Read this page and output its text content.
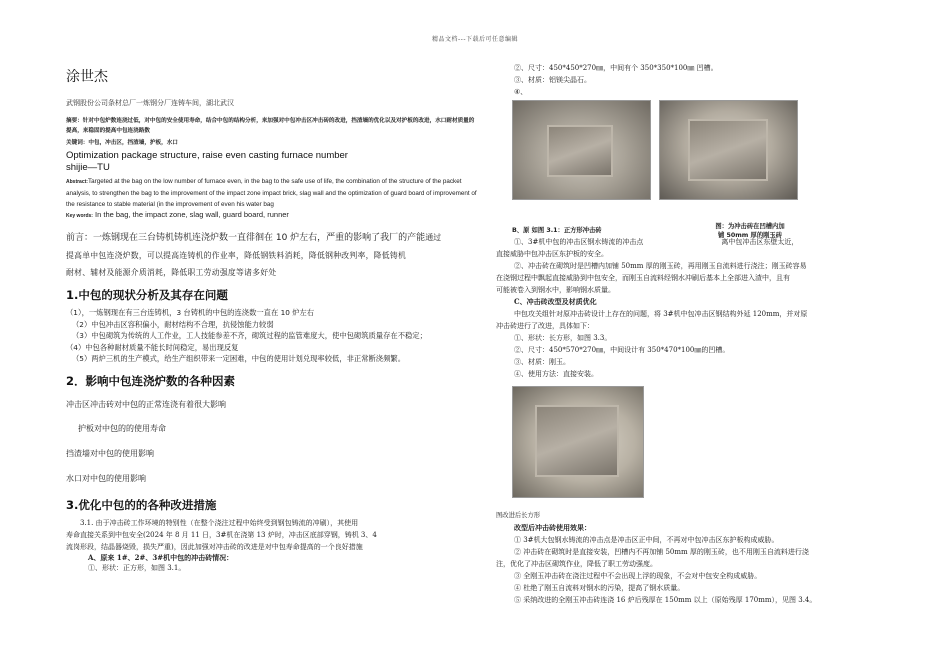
精品文档---下载后可任意编辑
涂世杰

武钢股份公司条材总厂一炼钢分厂连铸车间，湖北武汉

摘要：针对中包炉数连浇过低，对中包的安全使用寿命，结合中包的结构分析，来加强对中包冲击区冲击砖的改进，挡渣墙的优化以及对护板的改进，水口耐材质量的提高，来稳固的提高中包连浇路数

关键词：中包，冲击区，挡渣墙，护板，水口

Optimization package structure, raise even casting furnace number
shijie—TU

Abstract:Targeted at the bag on the low number of furnace even, in the bag to the safe use of life, the combination of the structure of the packet analysis, to strengthen the bag to the improvement of the impact zone impact brick, slag wall and the optimization of guard board of improvement of the resistance to stable material (in the improvement of even his water bag

Key words: In the bag, the impact zone, slag wall, guard board, runner

前言：一炼钢现在三台铸机铸机连浇炉数一直徘徊在 10 炉左右，严重的影响了我厂的产能通过

提高单中包连浇炉数，可以提高连铸机的作业率，降低钢铁料消耗，降低钢种改判率，降低铸机

耐材、辅材及能源介质消耗，降低职工劳动强度等诸多好处

1.中包的现状分析及其存在问题

（1），一炼钢现在有三台连铸机，3 台铸机的中包的连浇数一直在 10 炉左右

（2）中包冲击区容积偏小，耐材结构不合理，抗侵蚀能力较弱

（3）中包砌筑为传统的人工作业，工人技能参差不齐，砌筑过程的监管难度大，使中包砌筑质量存在不稳定；

（4）中包各种耐材质量不能长时间稳定，易出现反复

（5）两炉三机的生产模式，给生产组织带来一定困难，中包的使用计划兑现率较低，非正常断浇频繁。

2．影响中包连浇炉数的各种因素

冲击区冲击砖对中包的正常连浇有着很大影响

护板对中包的的使用寿命

挡渣墙对中包的使用影响

水口对中包的使用影响

3.优化中包的的各种改进措施

3.1. 由于冲击砖工作环境的特别性（在整个浇注过程中始终受到钢包铸流的冲刷），其使用

寿命直接关系到中包安全(2024 年 8 月 11 日，3#机在浇第 13 炉时，冲击区底部穿钢，铸机 3、4

流岗形段，结晶器烧毁，损失严重)，因此加强对冲击砖的改进是对中包寿命提高的一个良好措施

A、原来 1#、2#、3#机中包的冲击砖情况：

①、形状：正方形，如图 3.1。

②、尺寸：450*450*270㎜，中间有个 350*350*100㎜ 凹槽。

③、材质：铝镁尖晶石。

④、

B、原 如图 3.1：正方形冲击砖
图：为冲击砖在凹槽内加
铺 50mm 厚的刚玉砖

①、3#机中包的冲击区钢水铸流的冲击点	离中包冲击区东壁太近，

直接威胁中包冲击区东护板的安全。

②、冲击砖在砌筑时是凹槽内加铺 50mm 厚的刚玉砖，再用刚玉自流料进行浇注；刚玉砖容易

在浇钢过程中飘起直接威胁到中包安全，而刚玉自流料经钢水冲刷后基本上全部进入渣中，且有

可能被卷入到钢水中，影响钢水质量。

C、冲击砖改型及材质优化

中包攻关组针对原冲击砖设计上存在的问题，将 3#机中包冲击区钢结构外延 120mm，并对原

冲击砖进行了改进，具体如下：

①、形状：长方形，如图 3.3。

②、尺寸：450*570*270㎜，中间设计有 350*470*100㎜的凹槽。

③、材质：刚玉。

④、使用方法：直接安装。

图改进后长方形

改型后冲击砖使用效果：

① 3#机大包钢水铸流的冲击点是冲击区正中间，不再对中包冲击区东护板构成威胁。

② 冲击砖在砌筑时是直接安装，凹槽内不再加铺 50mm 厚的刚玉砖，也不用刚玉自流料进行浇

注，优化了冲击区砌筑作业，降低了职工劳动强度。

③ 全刚玉冲击砖在浇注过程中不会出现上浮的现象，不会对中包安全构成威胁。

④ 杜绝了刚玉自流料对钢水的污染，提高了钢水质量。

⑤ 采纳改进的全刚玉冲击砖连浇 16 炉后残厚在 150mm 以上（原始残厚 170mm），见图 3.4。
